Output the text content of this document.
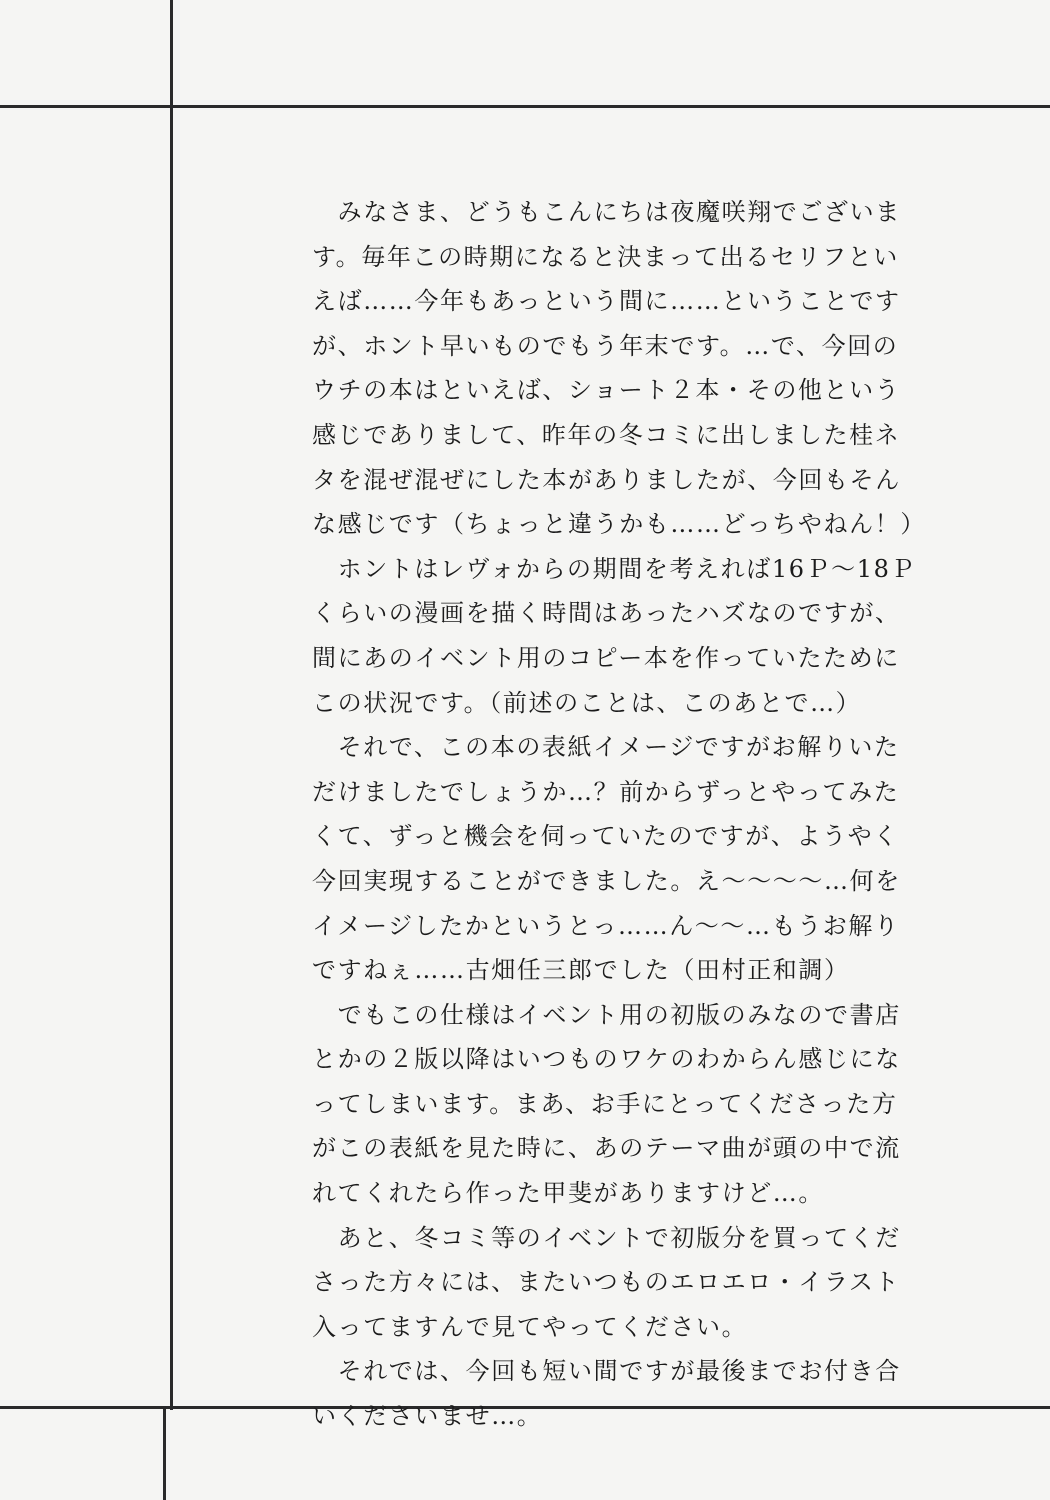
　みなさま、どうもこんにちは夜魔咲翔でございま
す。毎年この時期になると決まって出るセリフとい
えば……今年もあっという間に……ということです
が、ホント早いものでもう年末です。…で、今回の
ウチの本はといえば、ショート２本・その他という
感じでありまして、昨年の冬コミに出しました桂ネ
タを混ぜ混ぜにした本がありましたが、今回もそん
な感じです（ちょっと違うかも……どっちやねん！）
　ホントはレヴォからの期間を考えれば16Ｐ～18Ｐ
くらいの漫画を描く時間はあったハズなのですが、
間にあのイベント用のコピー本を作っていたために
この状況です。（前述のことは、このあとで…）
　それで、この本の表紙イメージですがお解りいた
だけましたでしょうか…？前からずっとやってみた
くて、ずっと機会を伺っていたのですが、ようやく
今回実現することができました。え～～～～…何を
イメージしたかというとっ……ん～～…もうお解り
ですねぇ……古畑任三郎でした（田村正和調）
　でもこの仕様はイベント用の初版のみなので書店
とかの２版以降はいつものワケのわからん感じにな
ってしまいます。まあ、お手にとってくださった方
がこの表紙を見た時に、あのテーマ曲が頭の中で流
れてくれたら作った甲斐がありますけど…。
　あと、冬コミ等のイベントで初版分を買ってくだ
さった方々には、またいつものエロエロ・イラスト
入ってますんで見てやってください。
　それでは、今回も短い間ですが最後までお付き合
いくださいませ…。
